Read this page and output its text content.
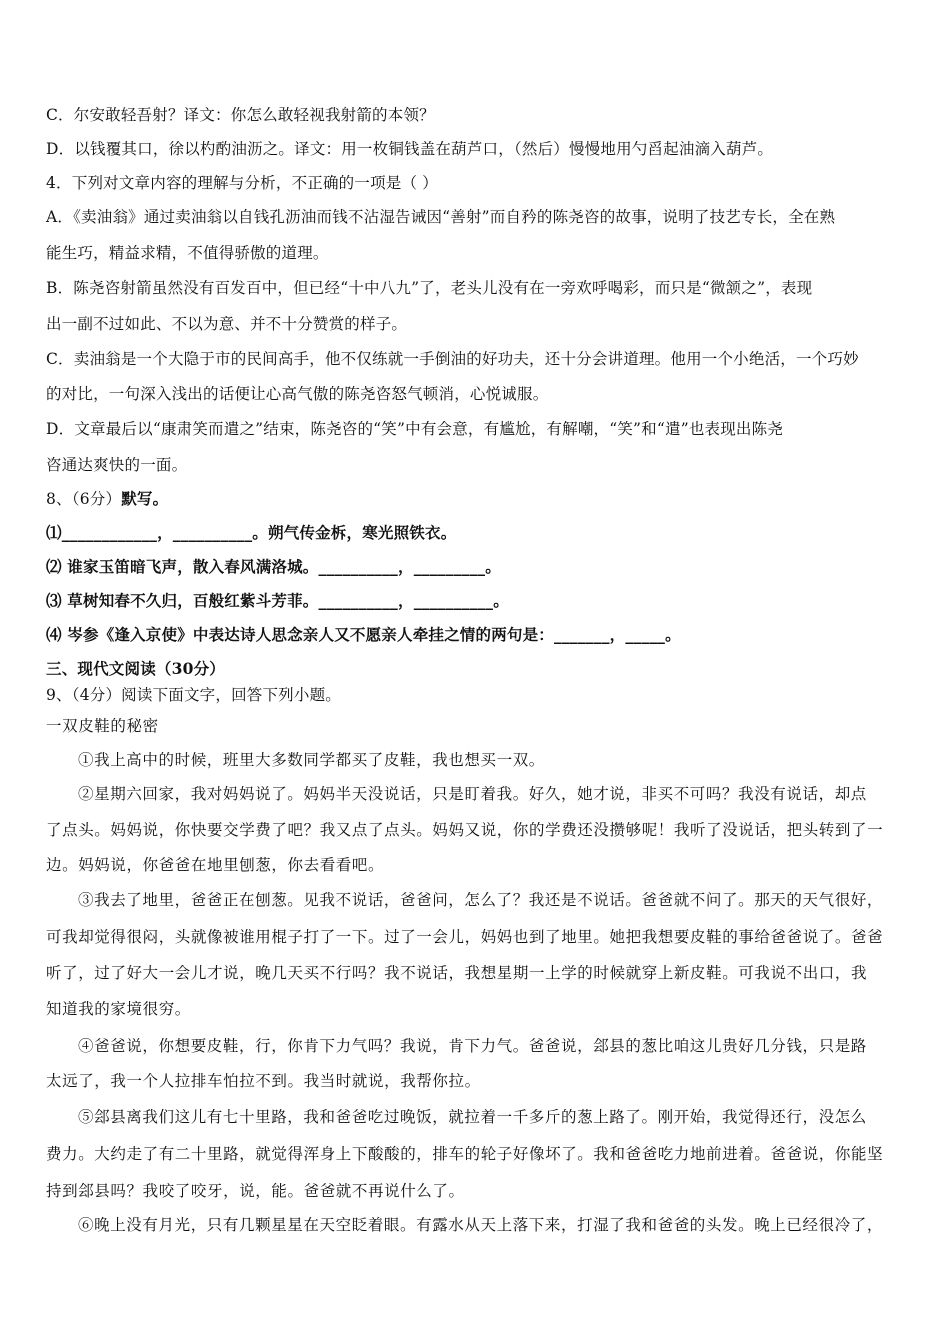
C．尔安敢轻吾射？译文：你怎么敢轻视我射箭的本领？
D．以钱覆其口，徐以杓酌油沥之。译文：用一枚铜钱盖在葫芦口，（然后）慢慢地用勺舀起油滴入葫芦。
4．下列对文章内容的理解与分析，不正确的一项是（ ）
A．《卖油翁》通过卖油翁以自钱孔沥油而钱不沾湿告诫因“善射”而自矜的陈尧咨的故事，说明了技艺专长，全在熟
能生巧，精益求精，不值得骄傲的道理。
B．陈尧咨射箭虽然没有百发百中，但已经“十中八九”了，老头儿没有在一旁欢呼喝彩，而只是“微颔之”，表现
出一副不过如此、不以为意、并不十分赞赏的样子。
C．卖油翁是一个大隐于市的民间高手，他不仅练就一手倒油的好功夫，还十分会讲道理。他用一个小绝活，一个巧妙
的对比，一句深入浅出的话便让心高气傲的陈尧咨怒气顿消，心悦诚服。
D．文章最后以“康肃笑而遣之”结束，陈尧咨的“笑”中有会意，有尴尬，有解嘲，“笑”和“遣”也表现出陈尧
咨通达爽快的一面。
8、（6分）默写。
⑴____________，__________。朔气传金柝，寒光照铁衣。
⑵ 谁家玉笛暗飞声，散入春风满洛城。__________，_________。
⑶ 草树知春不久归，百般红紫斗芳菲。__________，__________。
⑷ 岑参《逢入京使》中表达诗人思念亲人又不愿亲人牵挂之情的两句是：_______，_____。
三、现代文阅读（30分）
9、（4分）阅读下面文字，回答下列小题。
一双皮鞋的秘密
①我上高中的时候，班里大多数同学都买了皮鞋，我也想买一双。
②星期六回家，我对妈妈说了。妈妈半天没说话，只是盯着我。好久，她才说，非买不可吗？我没有说话，却点
了点头。妈妈说，你快要交学费了吧？我又点了点头。妈妈又说，你的学费还没攒够呢！我听了没说话，把头转到了一
边。妈妈说，你爸爸在地里刨葱，你去看看吧。
③我去了地里，爸爸正在刨葱。见我不说话，爸爸问，怎么了？我还是不说话。爸爸就不问了。那天的天气很好，
可我却觉得很闷，头就像被谁用棍子打了一下。过了一会儿，妈妈也到了地里。她把我想要皮鞋的事给爸爸说了。爸爸
听了，过了好大一会儿才说，晚几天买不行吗？我不说话，我想星期一上学的时候就穿上新皮鞋。可我说不出口，我
知道我的家境很穷。
④爸爸说，你想要皮鞋，行，你肯下力气吗？我说，肯下力气。爸爸说，郐县的葱比咱这儿贵好几分钱，只是路
太远了，我一个人拉排车怕拉不到。我当时就说，我帮你拉。
⑤郐县离我们这儿有七十里路，我和爸爸吃过晚饭，就拉着一千多斤的葱上路了。刚开始，我觉得还行，没怎么
费力。大约走了有二十里路，就觉得浑身上下酸酸的，排车的轮子好像坏了。我和爸爸吃力地前进着。爸爸说，你能坚
持到郐县吗？我咬了咬牙，说，能。爸爸就不再说什么了。
⑥晚上没有月光，只有几颗星星在天空眨着眼。有露水从天上落下来，打湿了我和爸爸的头发。晚上已经很冷了，
